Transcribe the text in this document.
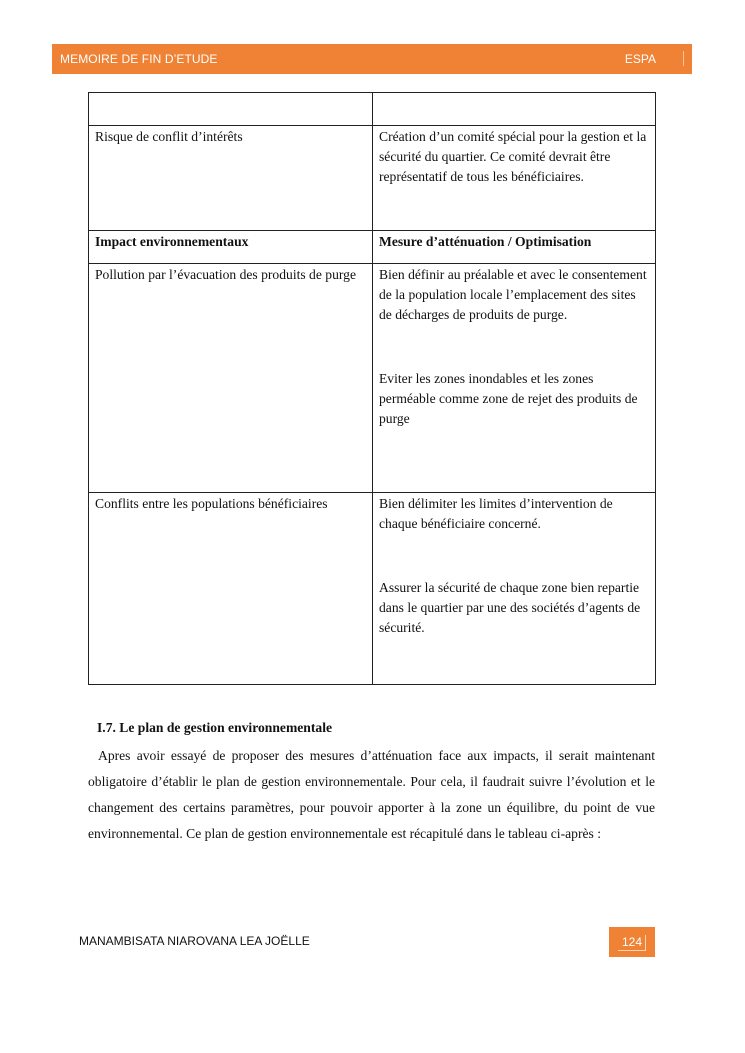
MEMOIRE DE FIN D’ETUDE	ESPA

Risque de conflit d’intérêts	Création d’un comité spécial pour la gestion et la sécurité du quartier. Ce comité devrait être représentatif de tous les bénéficiaires.
Impact environnementaux	Mesure d’atténuation / Optimisation
Pollution par l’évacuation des produits de purge	Bien définir au préalable et avec le consentement de la population locale l’emplacement des sites de décharges de produits de purge.
Eviter les zones inondables et les zones perméable comme zone de rejet des produits de purge
Conflits entre les populations bénéficiaires	Bien délimiter les limites d’intervention de chaque bénéficiaire concerné.
Assurer la sécurité de chaque zone bien repartie dans le quartier par une des sociétés d’agents de sécurité.
I.7. Le plan de gestion environnementale
Apres avoir essayé de proposer des mesures d’atténuation face aux impacts, il serait maintenant obligatoire d’établir le plan de gestion environnementale. Pour cela, il faudrait suivre l’évolution et le changement des certains paramètres, pour pouvoir apporter à la zone un équilibre, du point de vue environnemental. Ce plan de gestion environnementale est récapitulé dans le tableau ci-après :
MANAMBISATA NIAROVANA LEA JOËLLE	124
